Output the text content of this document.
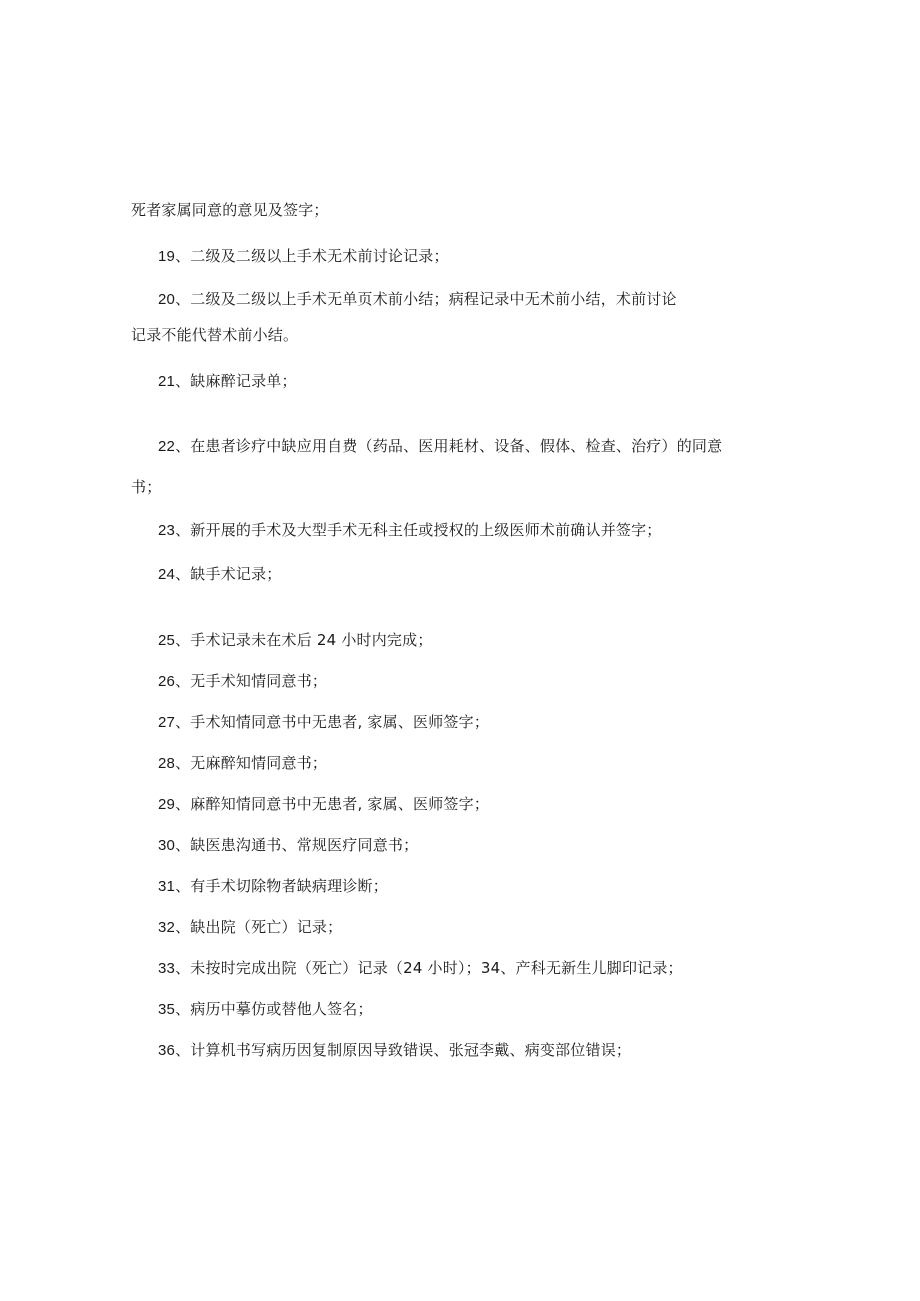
死者家属同意的意见及签字；
19、二级及二级以上手术无术前讨论记录；
20、二级及二级以上手术无单页术前小结；病程记录中无术前小结，术前讨论
记录不能代替术前小结。
21、缺麻醉记录单；
22、在患者诊疗中缺应用自费（药品、医用耗材、设备、假体、检查、治疗）的同意
书；
23、新开展的手术及大型手术无科主任或授权的上级医师术前确认并签字；
24、缺手术记录；
25、手术记录未在术后 24 小时内完成；
26、无手术知情同意书；
27、手术知情同意书中无患者, 家属、医师签字；
28、无麻醉知情同意书；
29、麻醉知情同意书中无患者, 家属、医师签字；
30、缺医患沟通书、常规医疗同意书；
31、有手术切除物者缺病理诊断；
32、缺出院（死亡）记录；
33、未按时完成出院（死亡）记录（24 小时）；34、产科无新生儿脚印记录；
35、病历中摹仿或替他人签名；
36、计算机书写病历因复制原因导致错误、张冠李戴、病变部位错误；
